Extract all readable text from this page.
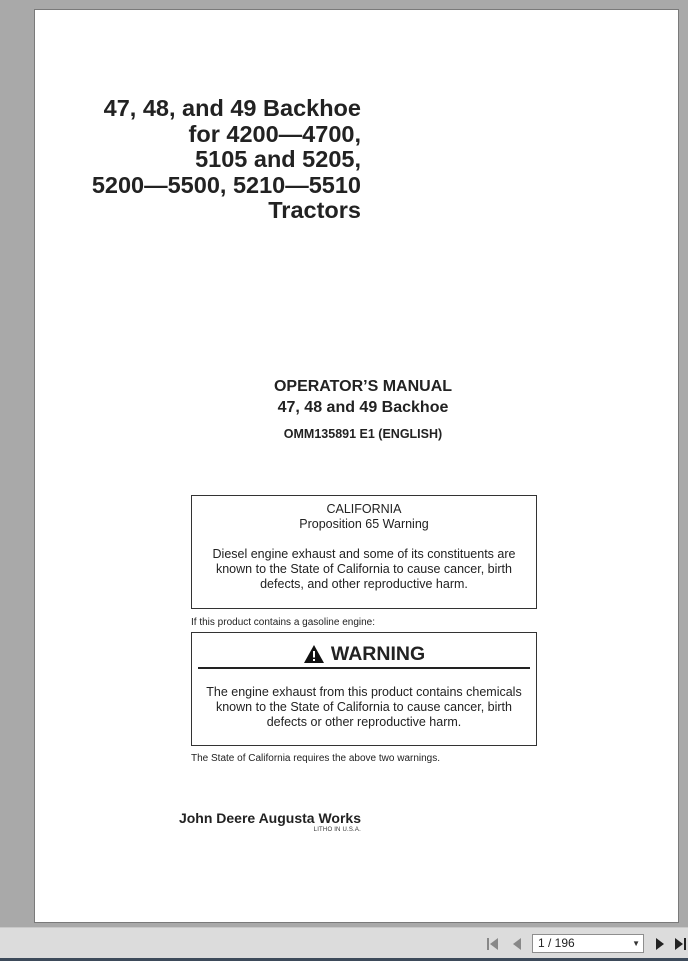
47, 48, and 49 Backhoe
for 4200—4700,
5105 and 5205,
5200—5500, 5210—5510
Tractors
OPERATOR’S MANUAL
47, 48 and 49 Backhoe
OMM135891 E1 (ENGLISH)
CALIFORNIA
Proposition 65 Warning
Diesel engine exhaust and some of its constituents are
known to the State of California to cause cancer, birth
defects, and other reproductive harm.
If this product contains a gasoline engine:
WARNING
The engine exhaust from this product contains chemicals
known to the State of California to cause cancer, birth
defects or other reproductive harm.
The State of California requires the above two warnings.
John Deere Augusta Works
LITHO IN U.S.A.
1 / 196	▼
